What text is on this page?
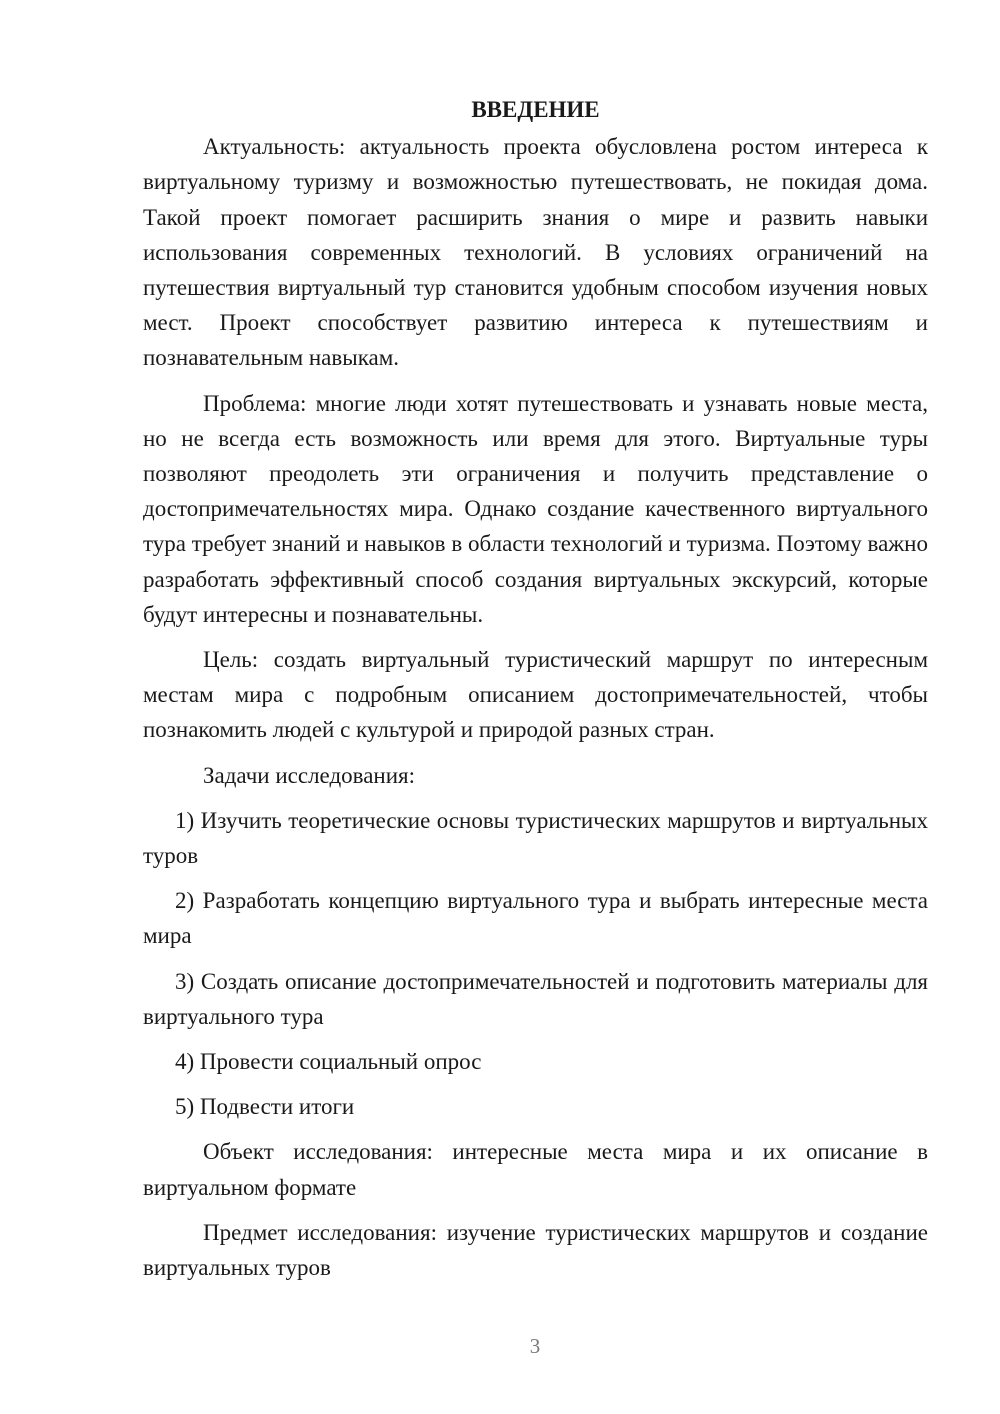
ВВЕДЕНИЕ

Актуальность: актуальность проекта обусловлена ростом интереса к виртуальному туризму и возможностью путешествовать, не покидая дома. Такой проект помогает расширить знания о мире и развить навыки использования современных технологий. В условиях ограничений на путешествия виртуальный тур становится удобным способом изучения новых мест. Проект способствует развитию интереса к путешествиям и познавательным навыкам.

Проблема: многие люди хотят путешествовать и узнавать новые места, но не всегда есть возможность или время для этого. Виртуальные туры позволяют преодолеть эти ограничения и получить представление о достопримечательностях мира. Однако создание качественного виртуального тура требует знаний и навыков в области технологий и туризма. Поэтому важно разработать эффективный способ создания виртуальных экскурсий, которые будут интересны и познавательны.

Цель: создать виртуальный туристический маршрут по интересным местам мира с подробным описанием достопримечательностей, чтобы познакомить людей с культурой и природой разных стран.

Задачи исследования:

1) Изучить теоретические основы туристических маршрутов и виртуальных туров

2) Разработать концепцию виртуального тура и выбрать интересные места мира

3) Создать описание достопримечательностей и подготовить материалы для виртуального тура

4) Провести социальный опрос

5) Подвести итоги

Объект исследования: интересные места мира и их описание в виртуальном формате

Предмет исследования: изучение туристических маршрутов и создание виртуальных туров

3
